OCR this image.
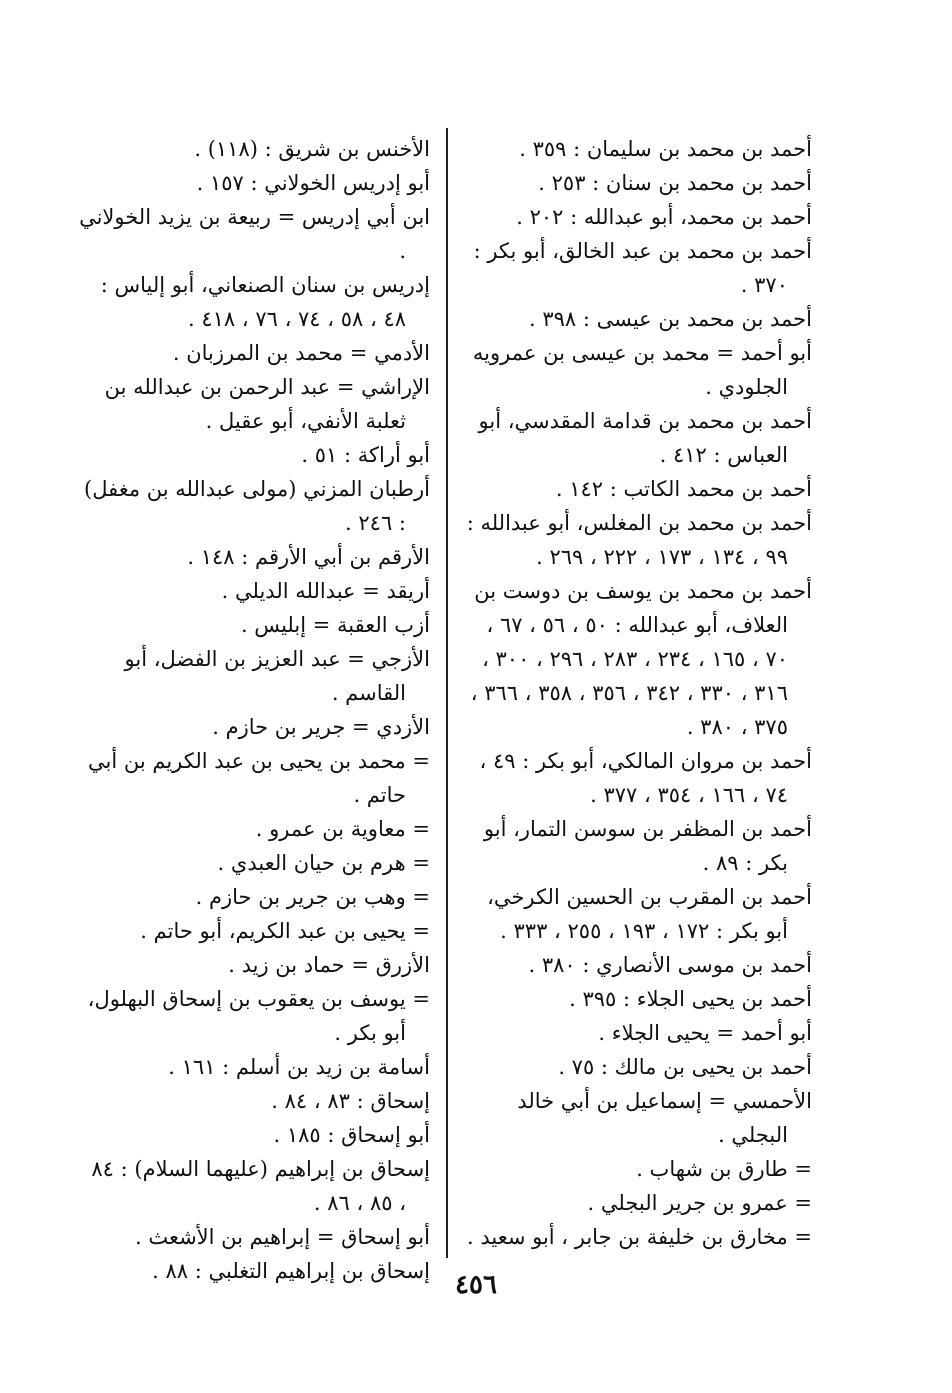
أحمد بن محمد بن سليمان : ٣٥٩ .

أحمد بن محمد بن سنان : ٢٥٣ .

أحمد بن محمد، أبو عبدالله : ٢٠٢ .

أحمد بن محمد بن عبد الخالق، أبو بكر : ٣٧٠ .

أحمد بن محمد بن عيسى : ٣٩٨ .

أبو أحمد = محمد بن عيسى بن عمرويه الجلودي .

أحمد بن محمد بن قدامة المقدسي، أبو العباس : ٤١٢ .

أحمد بن محمد الكاتب : ١٤٢ .

أحمد بن محمد بن المغلس، أبو عبدالله : ٩٩ ، ١٣٤ ، ١٧٣ ، ٢٢٢ ، ٢٦٩ .

أحمد بن محمد بن يوسف بن دوست بن العلاف، أبو عبدالله : ٥٠ ، ٥٦ ، ٦٧ ، ٧٠ ، ١٦٥ ، ٢٣٤ ، ٢٨٣ ، ٢٩٦ ، ٣٠٠ ، ٣١٦ ، ٣٣٠ ، ٣٤٢ ، ٣٥٦ ، ٣٥٨ ، ٣٦٦ ، ٣٧٥ ، ٣٨٠ .

أحمد بن مروان المالكي، أبو بكر : ٤٩ ، ٧٤ ، ١٦٦ ، ٣٥٤ ، ٣٧٧ .

أحمد بن المظفر بن سوسن التمار، أبو بكر : ٨٩ .

أحمد بن المقرب بن الحسين الكرخي، أبو بكر : ١٧٢ ، ١٩٣ ، ٢٥٥ ، ٣٣٣ .

أحمد بن موسى الأنصاري : ٣٨٠ .

أحمد بن يحيى الجلاء : ٣٩٥ .

أبو أحمد = يحيى الجلاء .

أحمد بن يحيى بن مالك : ٧٥ .

الأحمسي = إسماعيل بن أبي خالد البجلي .

= طارق بن شهاب .

= عمرو بن جرير البجلي .

= مخارق بن خليفة بن جابر ، أبو سعيد .

الأخنس بن شريق : (١١٨) .

أبو إدريس الخولاني : ١٥٧ .

ابن أبي إدريس = ربيعة بن يزيد الخولاني .

إدريس بن سنان الصنعاني، أبو إلياس : ٤٨ ، ٥٨ ، ٧٤ ، ٧٦ ، ٤١٨ .

الأدمي = محمد بن المرزبان .

الإراشي = عبد الرحمن بن عبدالله بن ثعلبة الأنفي، أبو عقيل .

أبو أراكة : ٥١ .

أرطبان المزني (مولى عبدالله بن مغفل) : ٢٤٦ .

الأرقم بن أبي الأرقم : ١٤٨ .

أريقد = عبدالله الديلي .

أزب العقبة = إبليس .

الأزجي = عبد العزيز بن الفضل، أبو القاسم .

الأزدي = جرير بن حازم .

= محمد بن يحيى بن عبد الكريم بن أبي حاتم .

= معاوية بن عمرو .

= هرم بن حيان العبدي .

= وهب بن جرير بن حازم .

= يحيى بن عبد الكريم، أبو حاتم .

الأزرق = حماد بن زيد .

= يوسف بن يعقوب بن إسحاق البهلول، أبو بكر .

أسامة بن زيد بن أسلم : ١٦١ .

إسحاق : ٨٣ ، ٨٤ .

أبو إسحاق : ١٨٥ .

إسحاق بن إبراهيم (عليهما السلام) : ٨٤ ، ٨٥ ، ٨٦ .

أبو إسحاق = إبراهيم بن الأشعث .

إسحاق بن إبراهيم التغلبي : ٨٨ . ٤٥٦
